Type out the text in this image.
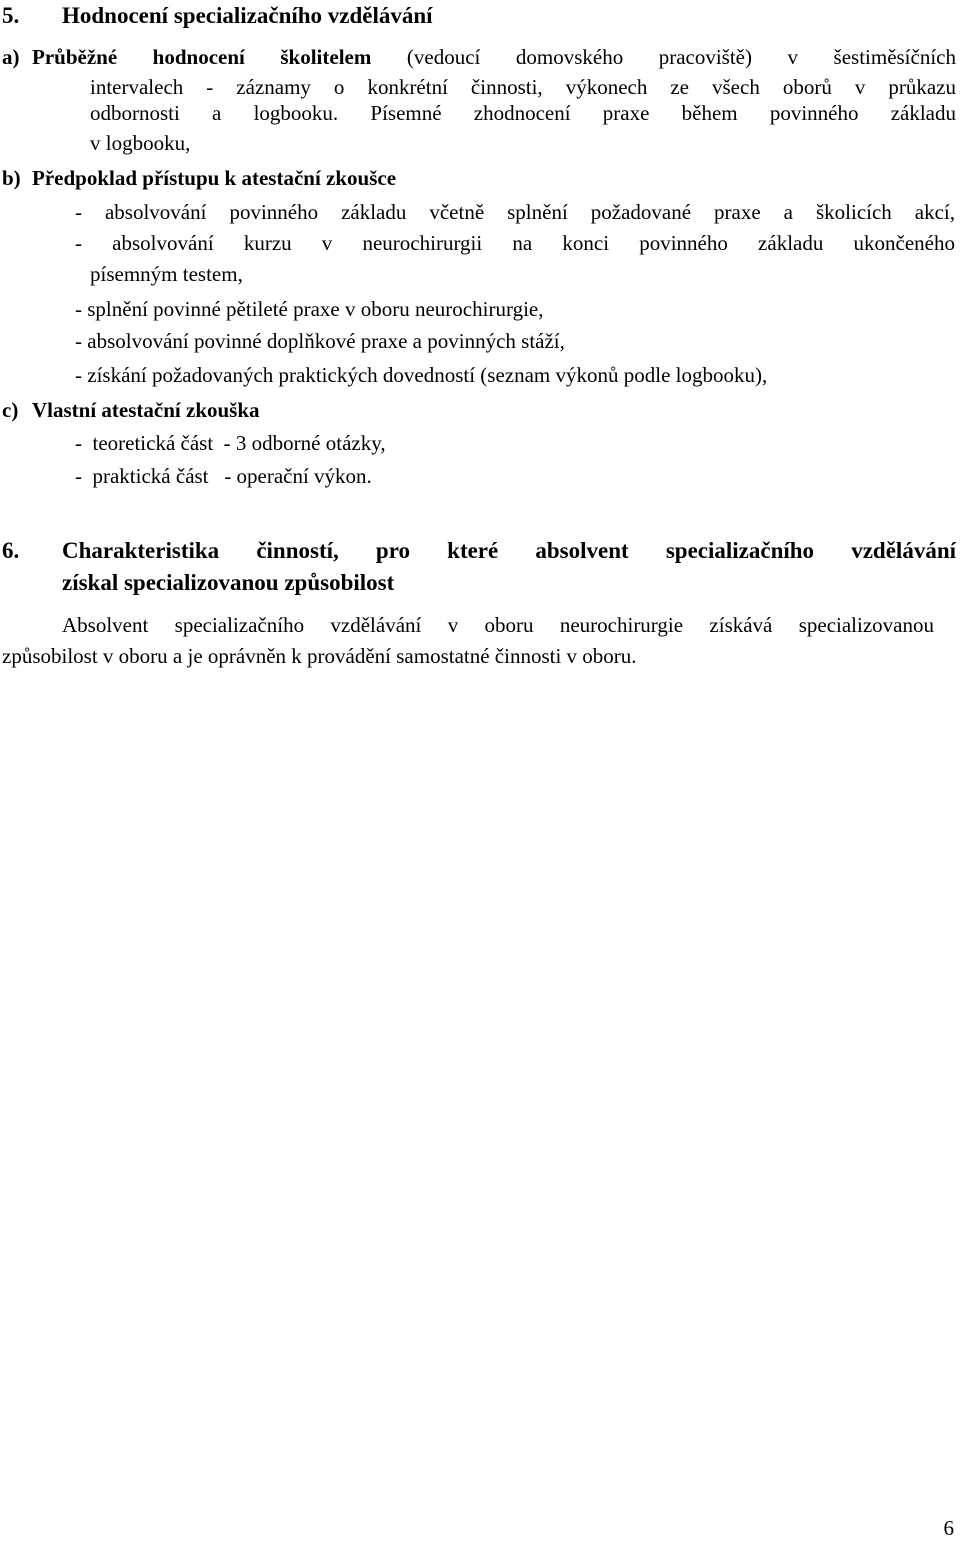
5. Hodnocení specializačního vzdělávání
a) Průběžné hodnocení školitelem (vedoucí domovského pracoviště) v šestiměsíčních
intervalech - záznamy o konkrétní činnosti, výkonech ze všech oborů v průkazu
odbornosti a logbooku. Písemné zhodnocení praxe během povinného základu
v logbooku,
b) Předpoklad přístupu k atestační zkoušce
- absolvování povinného základu včetně splnění požadované praxe a školicích akcí,
- absolvování kurzu v neurochirurgii na konci povinného základu ukončeného
písemným testem,
- splnění povinné pětileté praxe v oboru neurochirurgie,
- absolvování povinné doplňkové praxe a povinných stáží,
- získání požadovaných praktických dovedností (seznam výkonů podle logbooku),
c) Vlastní atestační zkouška
-  teoretická část  - 3 odborné otázky,
-  praktická část   - operační výkon.
6. Charakteristika činností, pro které absolvent specializačního vzdělávání
získal specializovanou způsobilost
Absolvent specializačního vzdělávání v oboru neurochirurgie získává specializovanou
způsobilost v oboru a je oprávněn k provádění samostatné činnosti v oboru.
6
